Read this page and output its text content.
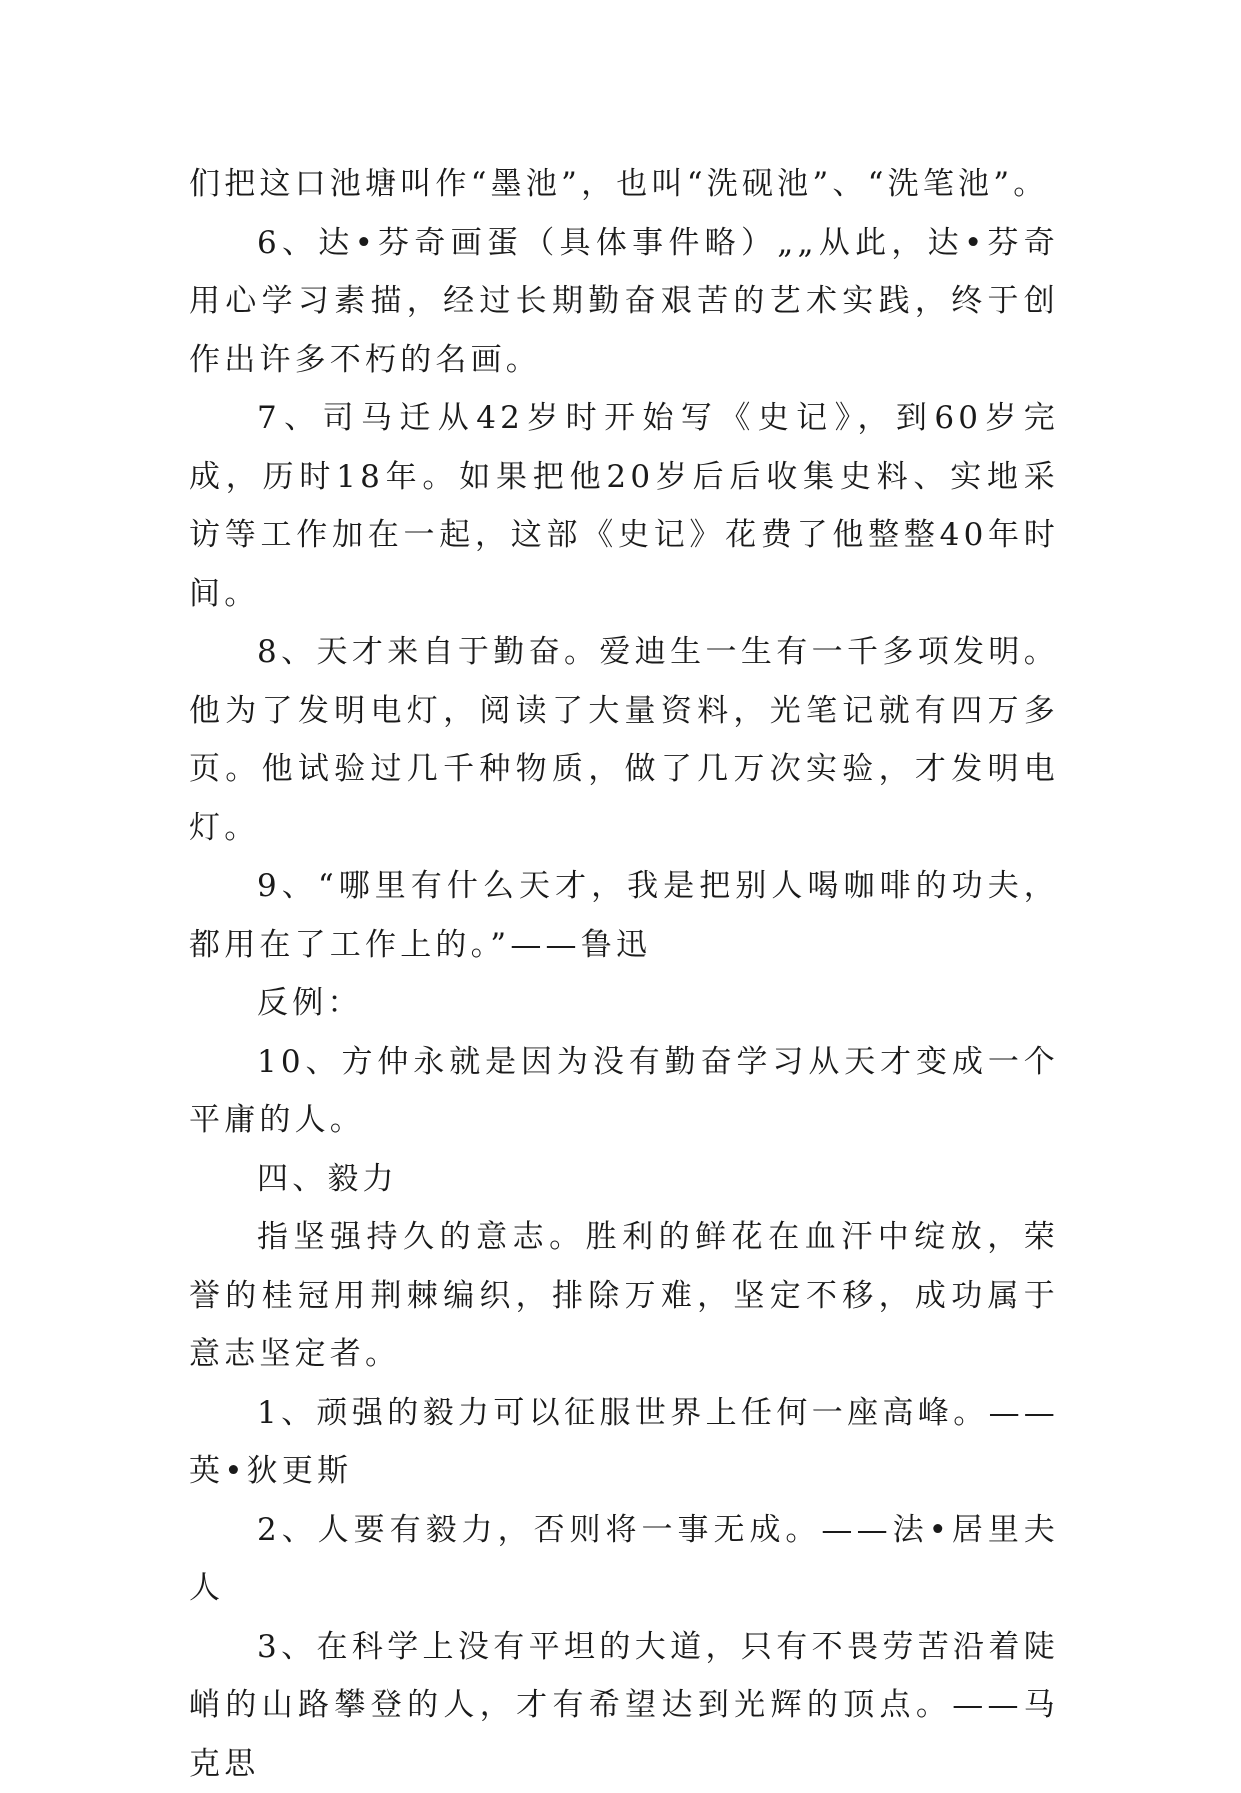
们把这口池塘叫作“墨池”，也叫“洗砚池”、“洗笔池”。

6、达•芬奇画蛋（具体事件略）„„从此，达•芬奇用心学习素描，经过长期勤奋艰苦的艺术实践，终于创作出许多不朽的名画。

7、司马迁从42岁时开始写《史记》，到60岁完成，历时18年。如果把他20岁后后收集史料、实地采访等工作加在一起，这部《史记》花费了他整整40年时间。

8、天才来自于勤奋。爱迪生一生有一千多项发明。他为了发明电灯，阅读了大量资料，光笔记就有四万多页。他试验过几千种物质，做了几万次实验，才发明电灯。

9、“哪里有什么天才，我是把别人喝咖啡的功夫，都用在了工作上的。”——鲁迅

反例：

10、方仲永就是因为没有勤奋学习从天才变成一个平庸的人。

四、毅力

指坚强持久的意志。胜利的鲜花在血汗中绽放，荣誉的桂冠用荆棘编织，排除万难，坚定不移，成功属于意志坚定者。

1、顽强的毅力可以征服世界上任何一座高峰。——英•狄更斯

2、人要有毅力，否则将一事无成。——法•居里夫人

3、在科学上没有平坦的大道，只有不畏劳苦沿着陡峭的山路攀登的人，才有希望达到光辉的顶点。——马克思
